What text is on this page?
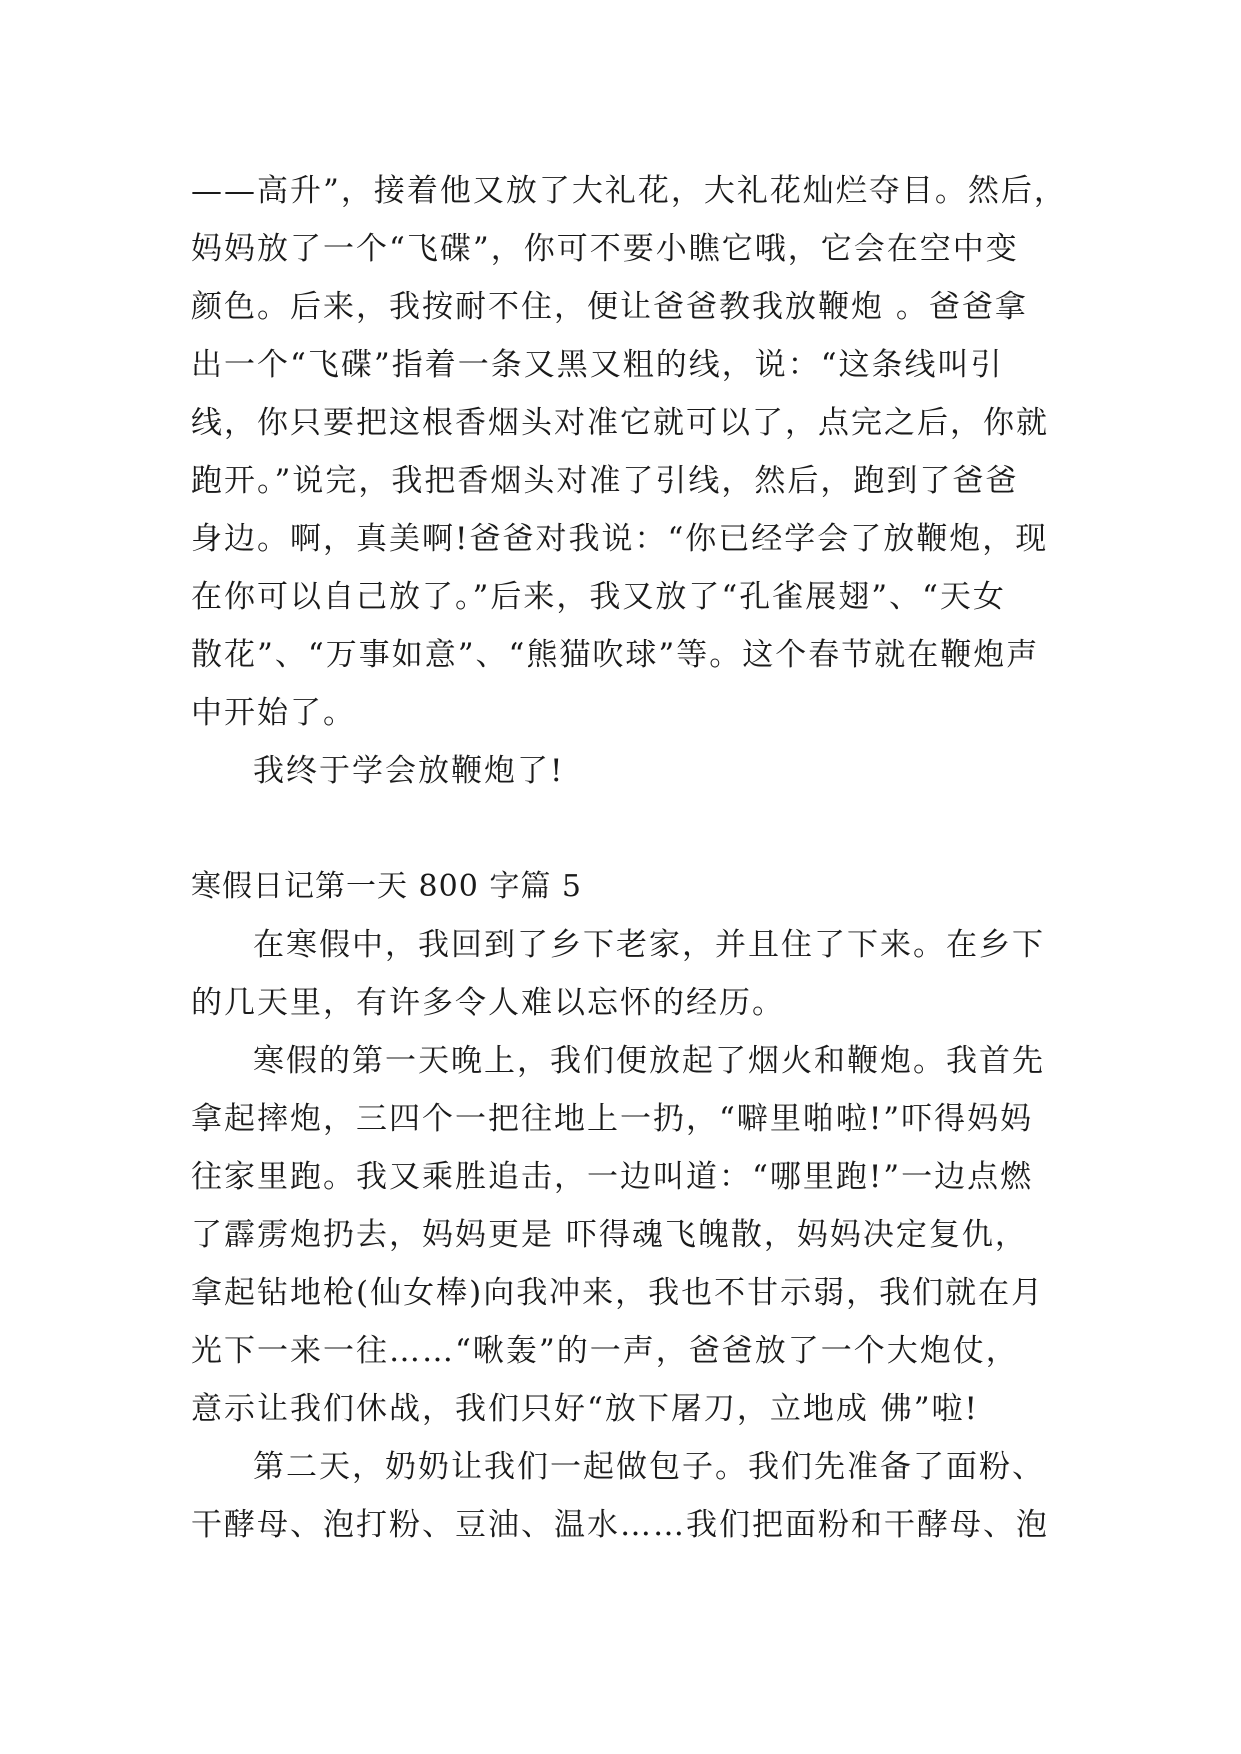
——高升”，接着他又放了大礼花，大礼花灿烂夺目。然后，
妈妈放了一个“飞碟”，你可不要小瞧它哦，它会在空中变
颜色。后来，我按耐不住，便让爸爸教我放鞭炮 。爸爸拿
出一个“飞碟”指着一条又黑又粗的线，说：“这条线叫引
线，你只要把这根香烟头对准它就可以了，点完之后，你就
跑开。”说完，我把香烟头对准了引线，然后，跑到了爸爸
身边。啊，真美啊!爸爸对我说：“你已经学会了放鞭炮，现
在你可以自己放了。”后来，我又放了“孔雀展翅”、“天女
散花”、“万事如意”、“熊猫吹球”等。这个春节就在鞭炮声
中开始了。
我终于学会放鞭炮了!
寒假日记第一天 800 字篇 5
在寒假中，我回到了乡下老家，并且住了下来。在乡下
的几天里，有许多令人难以忘怀的经历。
寒假的第一天晚上，我们便放起了烟火和鞭炮。我首先
拿起摔炮，三四个一把往地上一扔，“噼里啪啦!”吓得妈妈
往家里跑。我又乘胜追击，一边叫道：“哪里跑!”一边点燃
了霹雳炮扔去，妈妈更是 吓得魂飞魄散，妈妈决定复仇，
拿起钻地枪(仙女棒)向我冲来，我也不甘示弱，我们就在月
光下一来一往……“啾轰”的一声，爸爸放了一个大炮仗，
意示让我们休战，我们只好“放下屠刀，立地成 佛”啦!
第二天，奶奶让我们一起做包子。我们先准备了面粉、
干酵母、泡打粉、豆油、温水……我们把面粉和干酵母、泡
